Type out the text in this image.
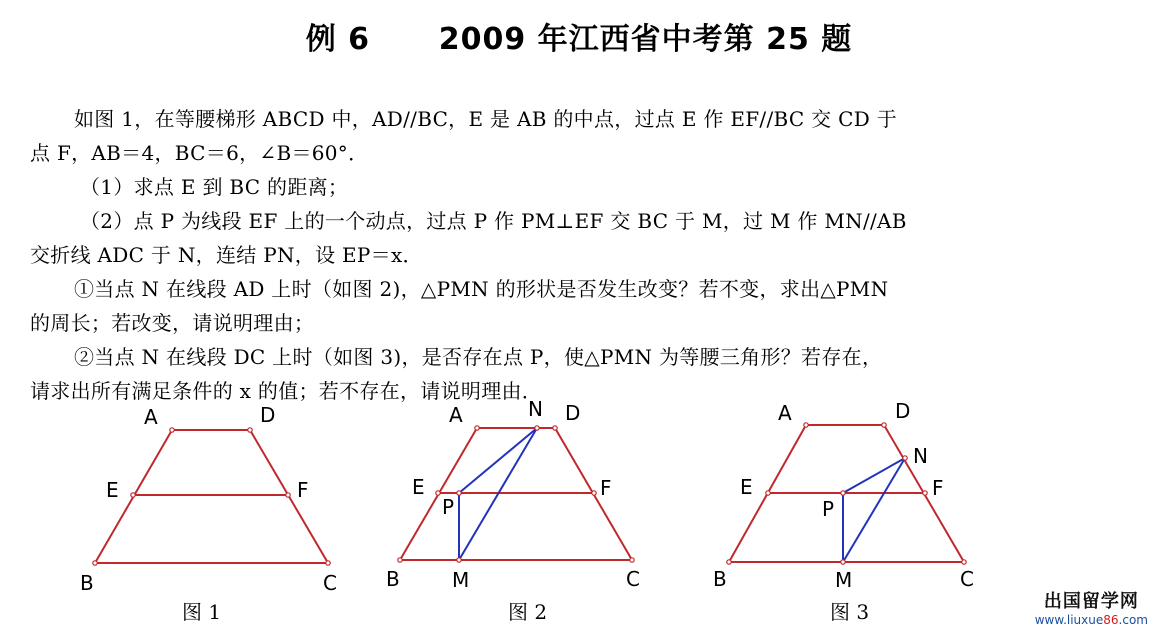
例 6      2009 年江西省中考第 25 题
如图 1，在等腰梯形 ABCD 中，AD//BC，E 是 AB 的中点，过点 E 作 EF//BC 交 CD 于
点 F，AB＝4，BC＝6，∠B＝60°．
（1）求点 E 到 BC 的距离；
（2）点 P 为线段 EF 上的一个动点，过点 P 作 PM⊥EF 交 BC 于 M，过 M 作 MN//AB
交折线 ADC 于 N，连结 PN，设 EP＝x．
①当点 N 在线段 AD 上时（如图 2)，△PMN 的形状是否发生改变？若不变，求出△PMN
的周长；若改变，请说明理由；
②当点 N 在线段 DC 上时（如图 3)，是否存在点 P，使△PMN 为等腰三角形？若存在，
请求出所有满足条件的 x 的值；若不存在，请说明理由．
A	D
E	F
B	C
图 1
A	N D
E	F
P
B	M	C
图 2
A	D
N
E	F
P
B	M	C
图 3	出国留学网
www.liuxue86.com
